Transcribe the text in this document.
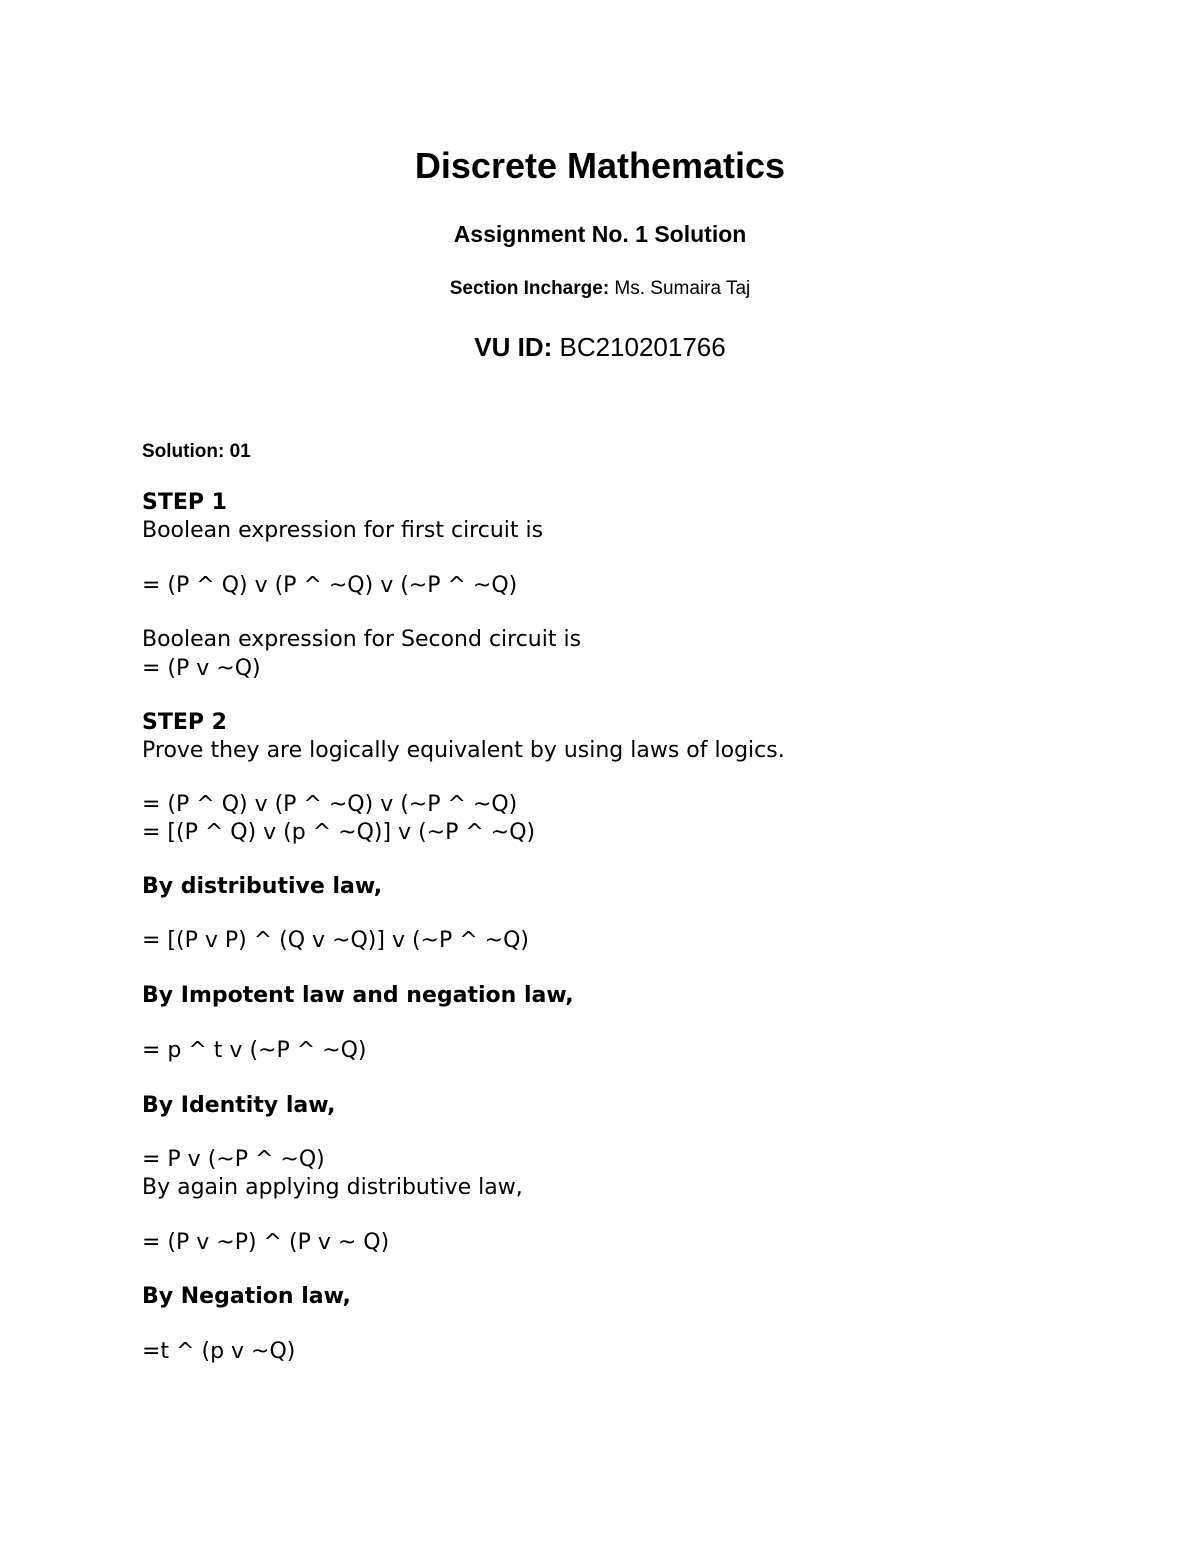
Discrete Mathematics
Assignment No. 1 Solution
Section Incharge: Ms. Sumaira Taj
VU ID: BC210201766
Solution: 01
STEP 1
Boolean expression for first circuit is
= (P ^ Q) v (P ^ ~Q) v (~P ^ ~Q)
Boolean expression for Second circuit is
= (P v ~Q)
STEP 2
Prove they are logically equivalent by using laws of logics.
= (P ^ Q) v (P ^ ~Q) v (~P ^ ~Q)
= [(P ^ Q) v (p ^ ~Q)] v (~P ^ ~Q)
By distributive law,
= [(P v P) ^ (Q v ~Q)] v (~P ^ ~Q)
By Impotent law and negation law,
= p ^ t v (~P ^ ~Q)
By Identity law,
= P v (~P ^ ~Q)
By again applying distributive law,
= (P v ~P) ^ (P v ~ Q)
By Negation law,
=t ^ (p v ~Q)
